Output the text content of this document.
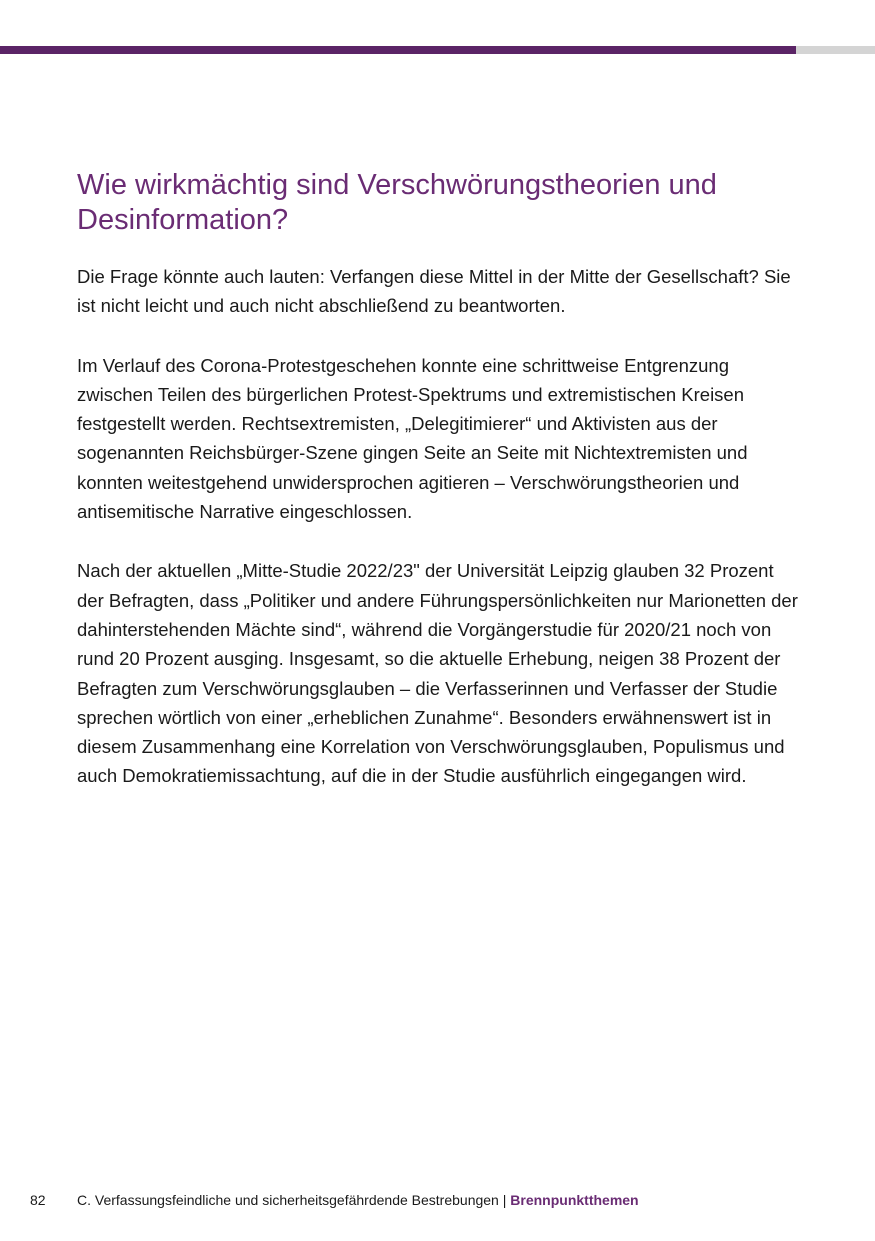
Wie wirkmächtig sind Verschwörungstheorien und Desinformation?

Die Frage könnte auch lauten: Verfangen diese Mittel in der Mitte der Gesellschaft? Sie ist nicht leicht und auch nicht abschließend zu beantworten.

Im Verlauf des Corona-Protestgeschehen konnte eine schrittweise Entgrenzung zwischen Teilen des bürgerlichen Protest-Spektrums und extremistischen Kreisen festgestellt werden. Rechtsextremisten, „Delegitimierer“ und Aktivisten aus der sogenannten Reichsbürger-Szene gingen Seite an Seite mit Nichtextremisten und konnten weitestgehend unwidersprochen agitieren – Verschwörungstheorien und antisemitische Narrative eingeschlossen.

Nach der aktuellen „Mitte-Studie 2022/23" der Universität Leipzig glauben 32 Prozent der Befragten, dass „Politiker und andere Führungspersönlichkeiten nur Marionetten der dahinterstehenden Mächte sind“, während die Vorgängerstudie für 2020/21 noch von rund 20 Prozent ausging. Insgesamt, so die aktuelle Erhebung, neigen 38 Prozent der Befragten zum Verschwörungsglauben – die Verfasserinnen und Verfasser der Studie sprechen wörtlich von einer „erheblichen Zunahme“. Besonders erwähnenswert ist in diesem Zusammenhang eine Korrelation von Verschwörungsglauben, Populismus und auch Demokratiemissachtung, auf die in der Studie ausführlich eingegangen wird.

82 C. Verfassungsfeindliche und sicherheitsgefährdende Bestrebungen | Brennpunktthemen
